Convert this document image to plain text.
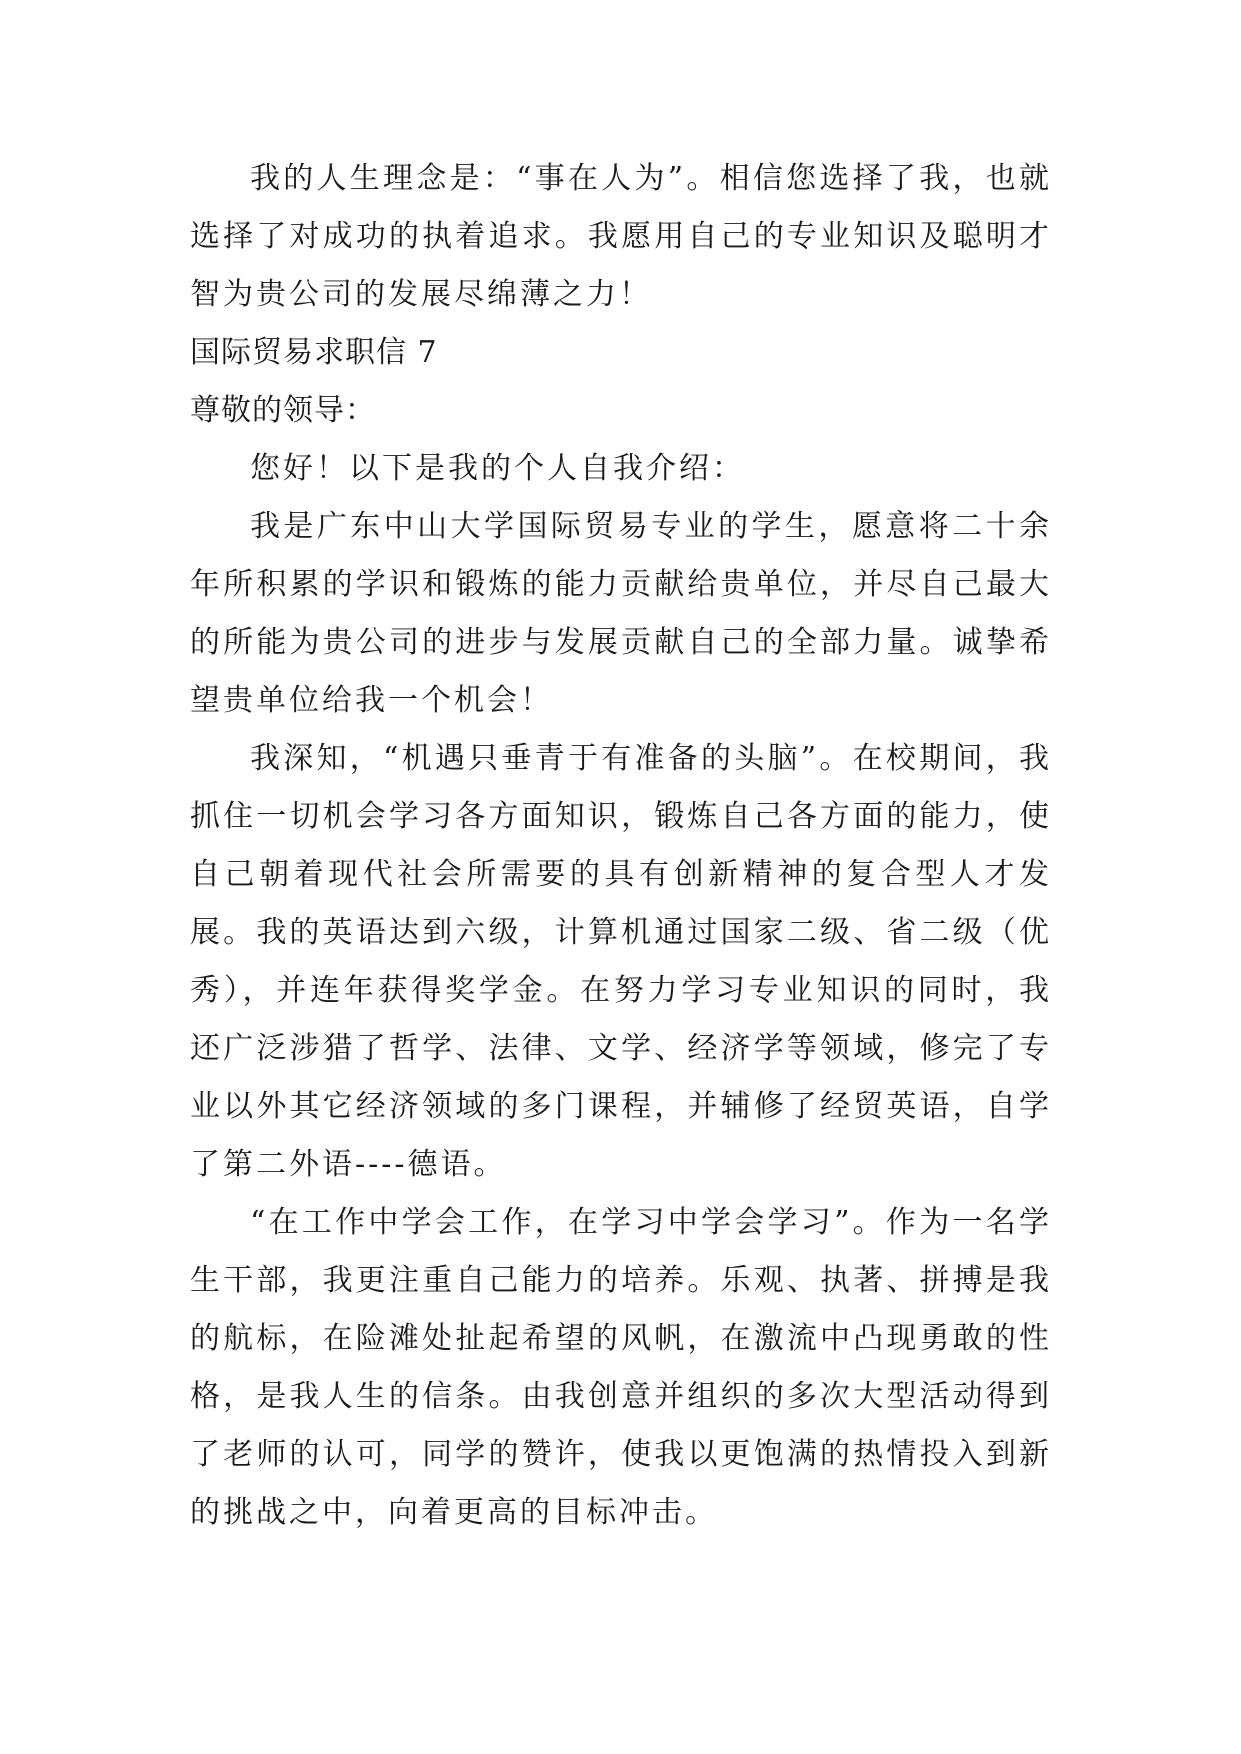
我的人生理念是：“事在人为”。相信您选择了我，也就选择了对成功的执着追求。我愿用自己的专业知识及聪明才智为贵公司的发展尽绵薄之力！

国际贸易求职信 7

尊敬的领导：

您好！以下是我的个人自我介绍：

我是广东中山大学国际贸易专业的学生，愿意将二十余年所积累的学识和锻炼的能力贡献给贵单位，并尽自己最大的所能为贵公司的进步与发展贡献自己的全部力量。诚挚希望贵单位给我一个机会！

我深知，“机遇只垂青于有准备的头脑”。在校期间，我抓住一切机会学习各方面知识，锻炼自己各方面的能力，使自己朝着现代社会所需要的具有创新精神的复合型人才发展。我的英语达到六级，计算机通过国家二级、省二级（优秀），并连年获得奖学金。在努力学习专业知识的同时，我还广泛涉猎了哲学、法律、文学、经济学等领域，修完了专业以外其它经济领域的多门课程，并辅修了经贸英语，自学了第二外语----德语。

“在工作中学会工作，在学习中学会学习”。作为一名学生干部，我更注重自己能力的培养。乐观、执著、拼搏是我的航标，在险滩处扯起希望的风帆，在激流中凸现勇敢的性格，是我人生的信条。由我创意并组织的多次大型活动得到了老师的认可，同学的赞许，使我以更饱满的热情投入到新的挑战之中，向着更高的目标冲击。
